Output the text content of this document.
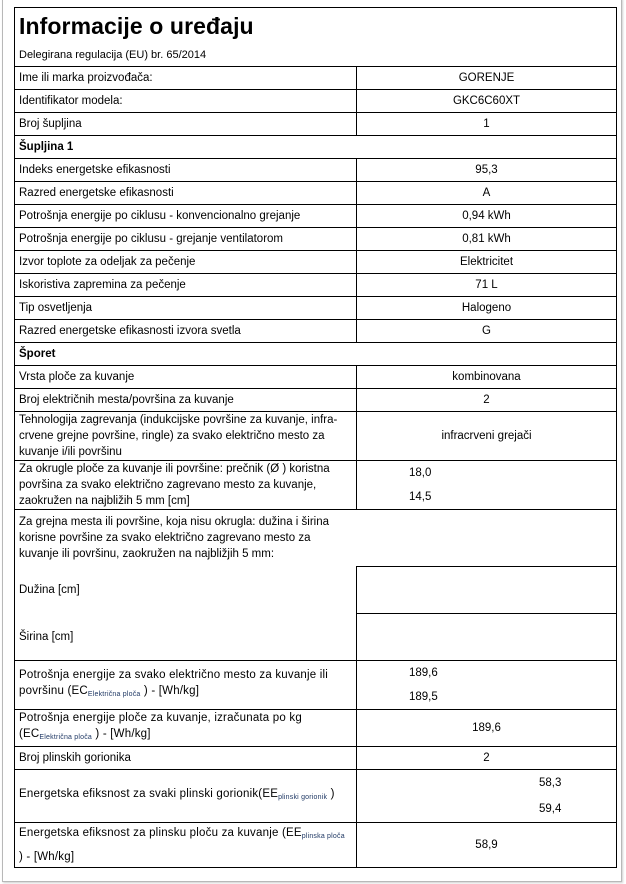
Informacije o uređaju	
Delegirana regulacija (EU) br. 65/2014	
Ime ili marka proizvođača:	GORENJE
Identifikator modela:	GKC6C60XT
Broj šupljina	1
Šupljina 1	
Indeks energetske efikasnosti	95,3
Razred energetske efikasnosti	A
Potrošnja energije po ciklusu - konvencionalno grejanje	0,94 kWh
Potrošnja energije po ciklusu - grejanje ventilatorom	0,81 kWh
Izvor toplote za odeljak za pečenje	Elektricitet
Iskoristiva zapremina za pečenje	71 L
Tip osvetljenja	Halogeno
Razred energetske efikasnosti izvora svetla	G
Šporet	
Vrsta ploče za kuvanje	kombinovana
Broj električnih mesta/površina za kuvanje	2
Tehnologija zagrevanja (indukcijske površine za kuvanje, infra-crvene grejne površine, ringle) za svako električno mesto za kuvanje i/ili površinu	infracrveni grejači
Za okrugle ploče za kuvanje ili površine: prečnik (Ø ) koristna površina za svako električno zagrevano mesto za kuvanje, zaokružen na najbližih 5 mm [cm]	18,0
14,5

Za grejna mesta ili površine, koja nisu okrugla: dužina i širina korisne površine za svako električno zagrevano mesto za kuvanje ili površinu, zaokružen na najbližjih 5 mm:	

Dužina [cm]	
Širina [cm]	
Potrošnja energije za svako električno mesto za kuvanje ili površinu ($EC_{Električna ploča}$ ) - [Wh/kg]	189,6
189,5

Potrošnja energije ploče za kuvanje, izračunata po kg ($EC_{Električna ploča}$ ) - [Wh/kg]	189,6
Broj plinskih gorionika	2
Energetska efiksnost za svaki plinski $gorionik(EE_{plinski gorionik}$ )	58,3
59,4

Energetska efiksnost za plinsku ploču za kuvanje ($EE_{plinska ploča}$ ) - [Wh/kg]	58,9
